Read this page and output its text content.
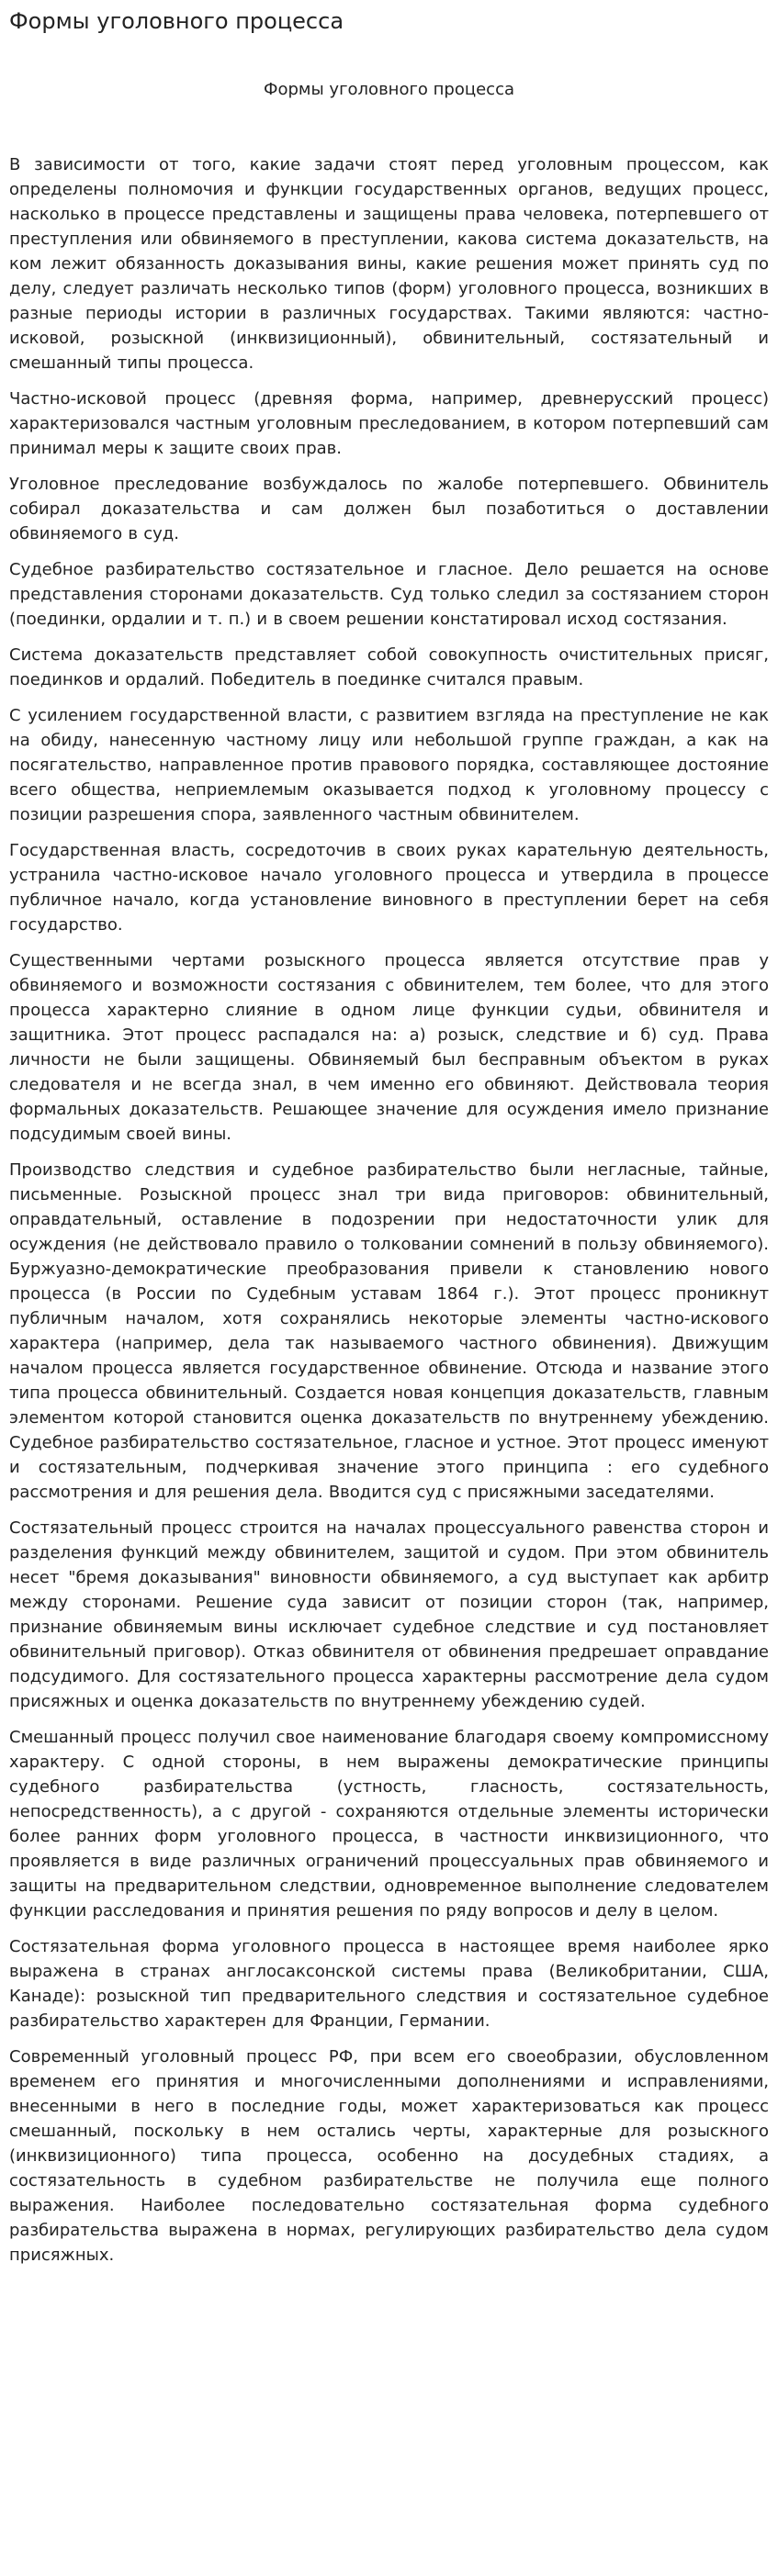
Формы уголовного процесса
Формы уголовного процесса

В зависимости от того, какие задачи стоят перед уголовным процессом, как определены полномочия и функции государственных органов, ведущих процесс, насколько в процессе представлены и защищены права человека, потерпевшего от преступления или обвиняемого в преступлении, какова система доказательств, на ком лежит обязанность доказывания вины, какие решения может принять суд по делу, следует различать несколько типов (форм) уголовного процесса, возникших в разные периоды истории в различных государствах. Такими являются: частно-исковой, розыскной (инквизиционный), обвинительный, состязательный и смешанный типы процесса.

Частно-исковой процесс (древняя форма, например, древнерусский процесс) характеризовался частным уголовным преследованием, в котором потерпевший сам принимал меры к защите своих прав.

Уголовное преследование возбуждалось по жалобе потерпевшего. Обвинитель собирал доказательства и сам должен был позаботиться о доставлении обвиняемого в суд.

Судебное разбирательство состязательное и гласное. Дело решается на основе представления сторонами доказательств. Суд только следил за состязанием сторон (поединки, ордалии и т. п.) и в своем решении констатировал исход состязания.

Система доказательств представляет собой совокупность очистительных присяг, поединков и ордалий. Победитель в поединке считался правым.

С усилением государственной власти, с развитием взгляда на преступление не как на обиду, нанесенную частному лицу или небольшой группе граждан, а как на посягательство, направленное против правового порядка, составляющее достояние всего общества, неприемлемым оказывается подход к уголовному процессу с позиции разрешения спора, заявленного частным обвинителем.

Государственная власть, сосредоточив в своих руках карательную деятельность, устранила частно-исковое начало уголовного процесса и утвердила в процессе публичное начало, когда установление виновного в преступлении берет на себя государство.

Существенными чертами розыскного процесса является отсутствие прав у обвиняемого и возможности состязания с обвинителем, тем более, что для этого процесса характерно слияние в одном лице функции судьи, обвинителя и защитника. Этот процесс распадался на: а) розыск, следствие и б) суд. Права личности не были защищены. Обвиняемый был бесправным объектом в руках следователя и не всегда знал, в чем именно его обвиняют. Действовала теория формальных доказательств. Решающее значение для осуждения имело признание подсудимым своей вины.

Производство следствия и судебное разбирательство были негласные, тайные, письменные. Розыскной процесс знал три вида приговоров: обвинительный, оправдательный, оставление в подозрении при недостаточности улик для осуждения (не действовало правило о толковании сомнений в пользу обвиняемого). Буржуазно-демократические преобразования привели к становлению нового процесса (в России по Судебным уставам 1864 г.). Этот процесс проникнут публичным началом, хотя сохранялись некоторые элементы частно-искового характера (например, дела так называемого частного обвинения). Движущим началом процесса является государственное обвинение. Отсюда и название этого типа процесса обвинительный. Создается новая концепция доказательств, главным элементом которой становится оценка доказательств по внутреннему убеждению. Судебное разбирательство состязательное, гласное и устное. Этот процесс именуют и состязательным, подчеркивая значение этого принципа : его судебного рассмотрения и для решения дела. Вводится суд с присяжными заседателями.

Состязательный процесс строится на началах процессуального равенства сторон и разделения функций между обвинителем, защитой и судом. При этом обвинитель несет "бремя доказывания" виновности обвиняемого, а суд выступает как арбитр между сторонами. Решение суда зависит от позиции сторон (так, например, признание обвиняемым вины исключает судебное следствие и суд постановляет обвинительный приговор). Отказ обвинителя от обвинения предрешает оправдание подсудимого. Для состязательного процесса характерны рассмотрение дела судом присяжных и оценка доказательств по внутреннему убеждению судей.

Смешанный процесс получил свое наименование благодаря своему компромиссному характеру. С одной стороны, в нем выражены демократические принципы судебного разбирательства (устность, гласность, состязательность, непосредственность), а с другой - сохраняются отдельные элементы исторически более ранних форм уголовного процесса, в частности инквизиционного, что проявляется в виде различных ограничений процессуальных прав обвиняемого и защиты на предварительном следствии, одновременное выполнение следователем функции расследования и принятия решения по ряду вопросов и делу в целом.

Состязательная форма уголовного процесса в настоящее время наиболее ярко выражена в странах англосаксонской системы права (Великобритании, США, Канаде): розыскной тип предварительного следствия и состязательное судебное разбирательство характерен для Франции, Германии.

Современный уголовный процесс РФ, при всем его своеобразии, обусловленном временем его принятия и многочисленными дополнениями и исправлениями, внесенными в него в последние годы, может характеризоваться как процесс смешанный, поскольку в нем остались черты, характерные для розыскного (инквизиционного) типа процесса, особенно на досудебных стадиях, а состязательность в судебном разбирательстве не получила еще полного выражения. Наиболее последовательно состязательная форма судебного разбирательства выражена в нормах, регулирующих разбирательство дела судом присяжных.
